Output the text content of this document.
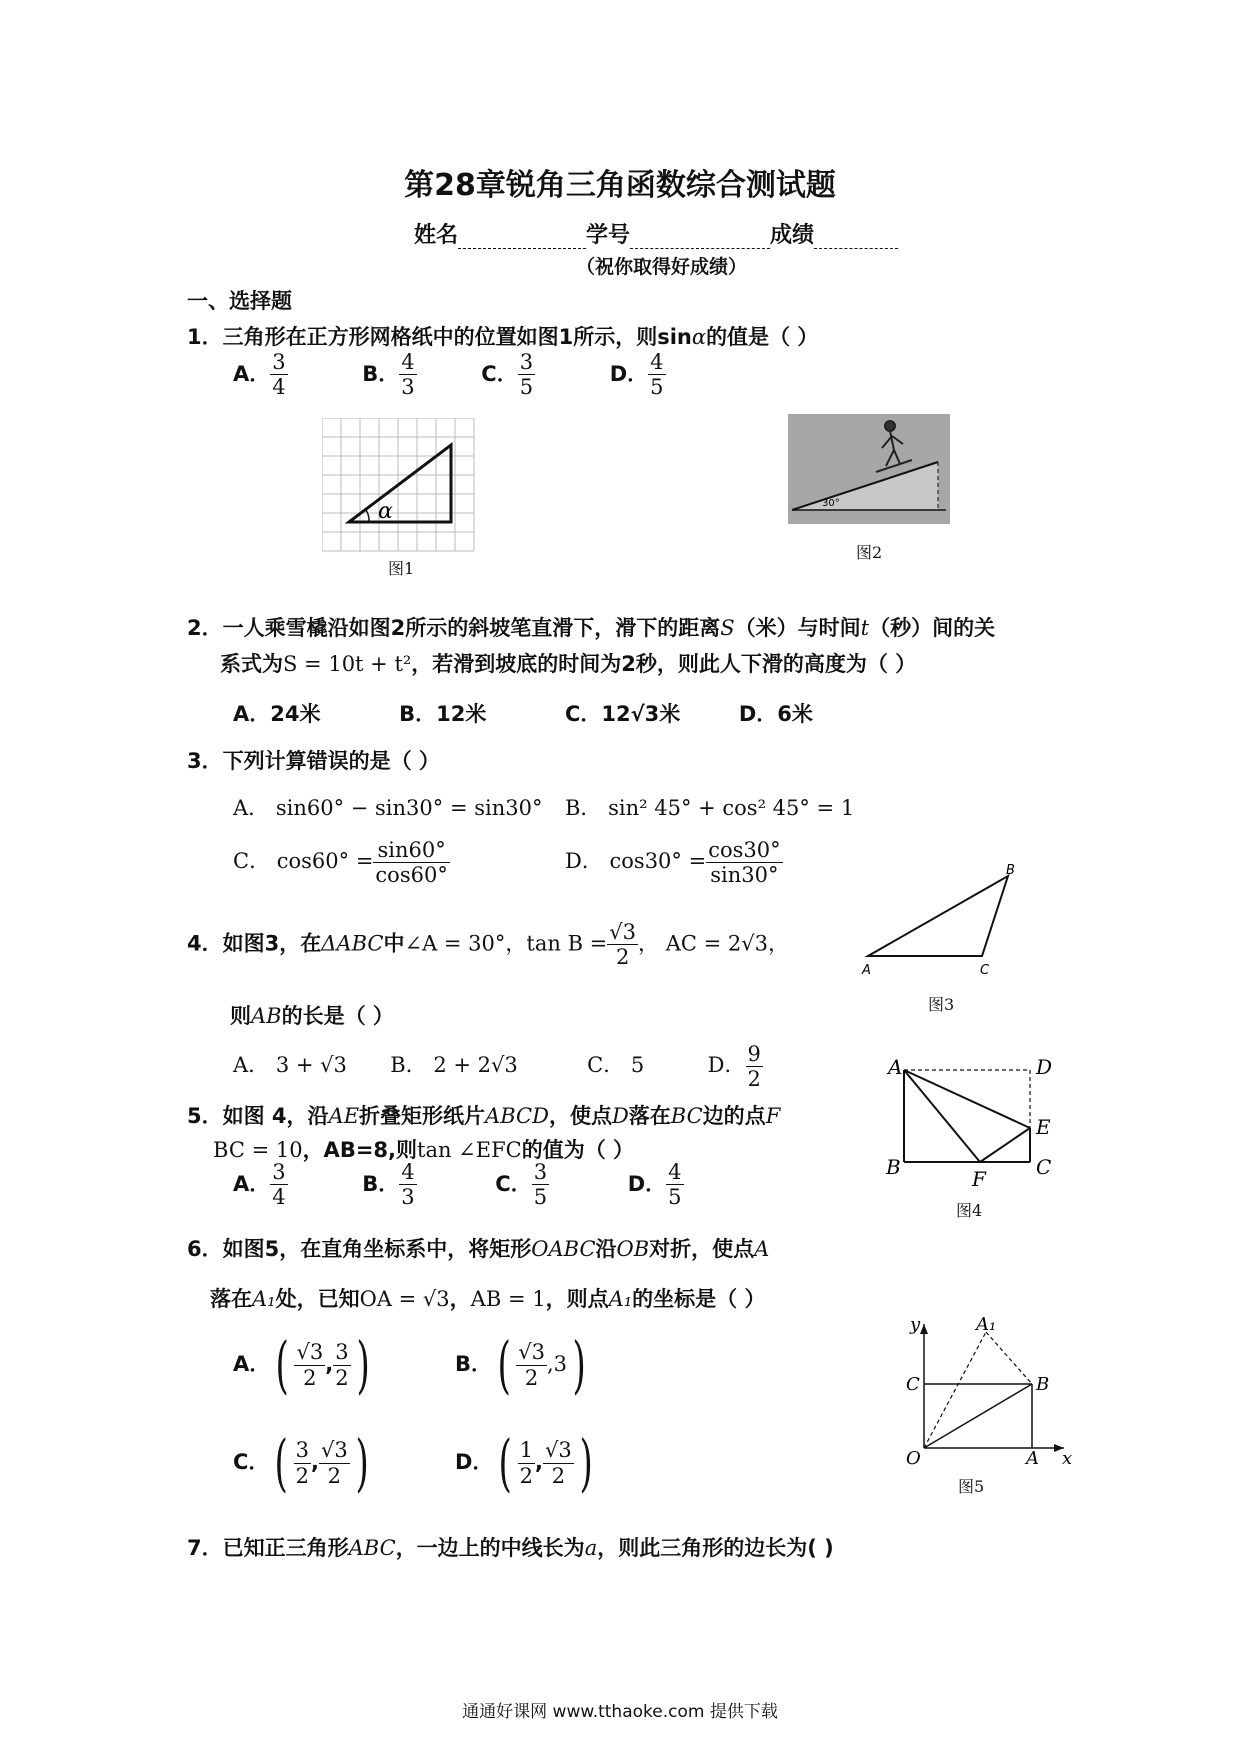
第28章锐角三角函数综合测试题
姓名	学号	成绩
（祝你取得好成绩）
一、选择题
1．三角形在正方形网格纸中的位置如图1所示，则sinα的值是（ ）
A． $\frac{3}{4}$	B． $\frac{4}{3}$	C． $\frac{3}{5}$	D． $\frac{4}{5}$
α
图1
30°
图2
2．一人乘雪橇沿如图2所示的斜坡笔直滑下，滑下的距离S（米）与时间t（秒）间的关
系式为S = 10t + t²，若滑到坡底的时间为2秒，则此人下滑的高度为（ ）
A．24米	B．12米	C．12√3米	D．6米
3．下列计算错误的是（ ）
A． sin60° − sin30° = sin30° B． sin² 45° + cos² 45° = 1
C． $\cos 60^\circ = \frac{\sin 60^\circ}{\cos 60^\circ}$	D． $\cos 30^\circ = \frac{\cos 30^\circ}{\sin 30^\circ}$
A
B
C
图3
4．如图3，在ΔABC中∠A = 30°，$\tan B = \frac{√3}{2}$ ， AC = 2√3，
则AB的长是（ ）
A． 3 + √3 B． 2 + 2√3	C． 5	D． $\frac{9}{2}$	A	D
E
B	C
F
图4
5．如图 4，沿AE折叠矩形纸片ABCD，使点D落在BC边的点F
BC = 10，AB=8,则tan ∠EFC的值为（ ）
A． $\frac{3}{4}$	B． $\frac{4}{3}$	C． $\frac{3}{5}$	D． $\frac{4}{5}$
6．如图5，在直角坐标系中，将矩形OABC沿OB对折，使点A
落在A₁处，已知OA = √3，AB = 1，则点A₁的坐标是（ ）
A．( $\frac{√3}{2}$ , $\frac{3}{2}$ )	B．( $\frac{√3}{2} ,3$)
C．( $\frac{3}{2}$ , $\frac{√3}{2}$ )	D．( $\frac{1}{2}$ , $\frac{√3}{2}$ )
y
x
C	B
O	A
A₁
图5
7．已知正三角形ABC，一边上的中线长为a，则此三角形的边长为( )
通通好课网 www.tthaoke.com 提供下载
